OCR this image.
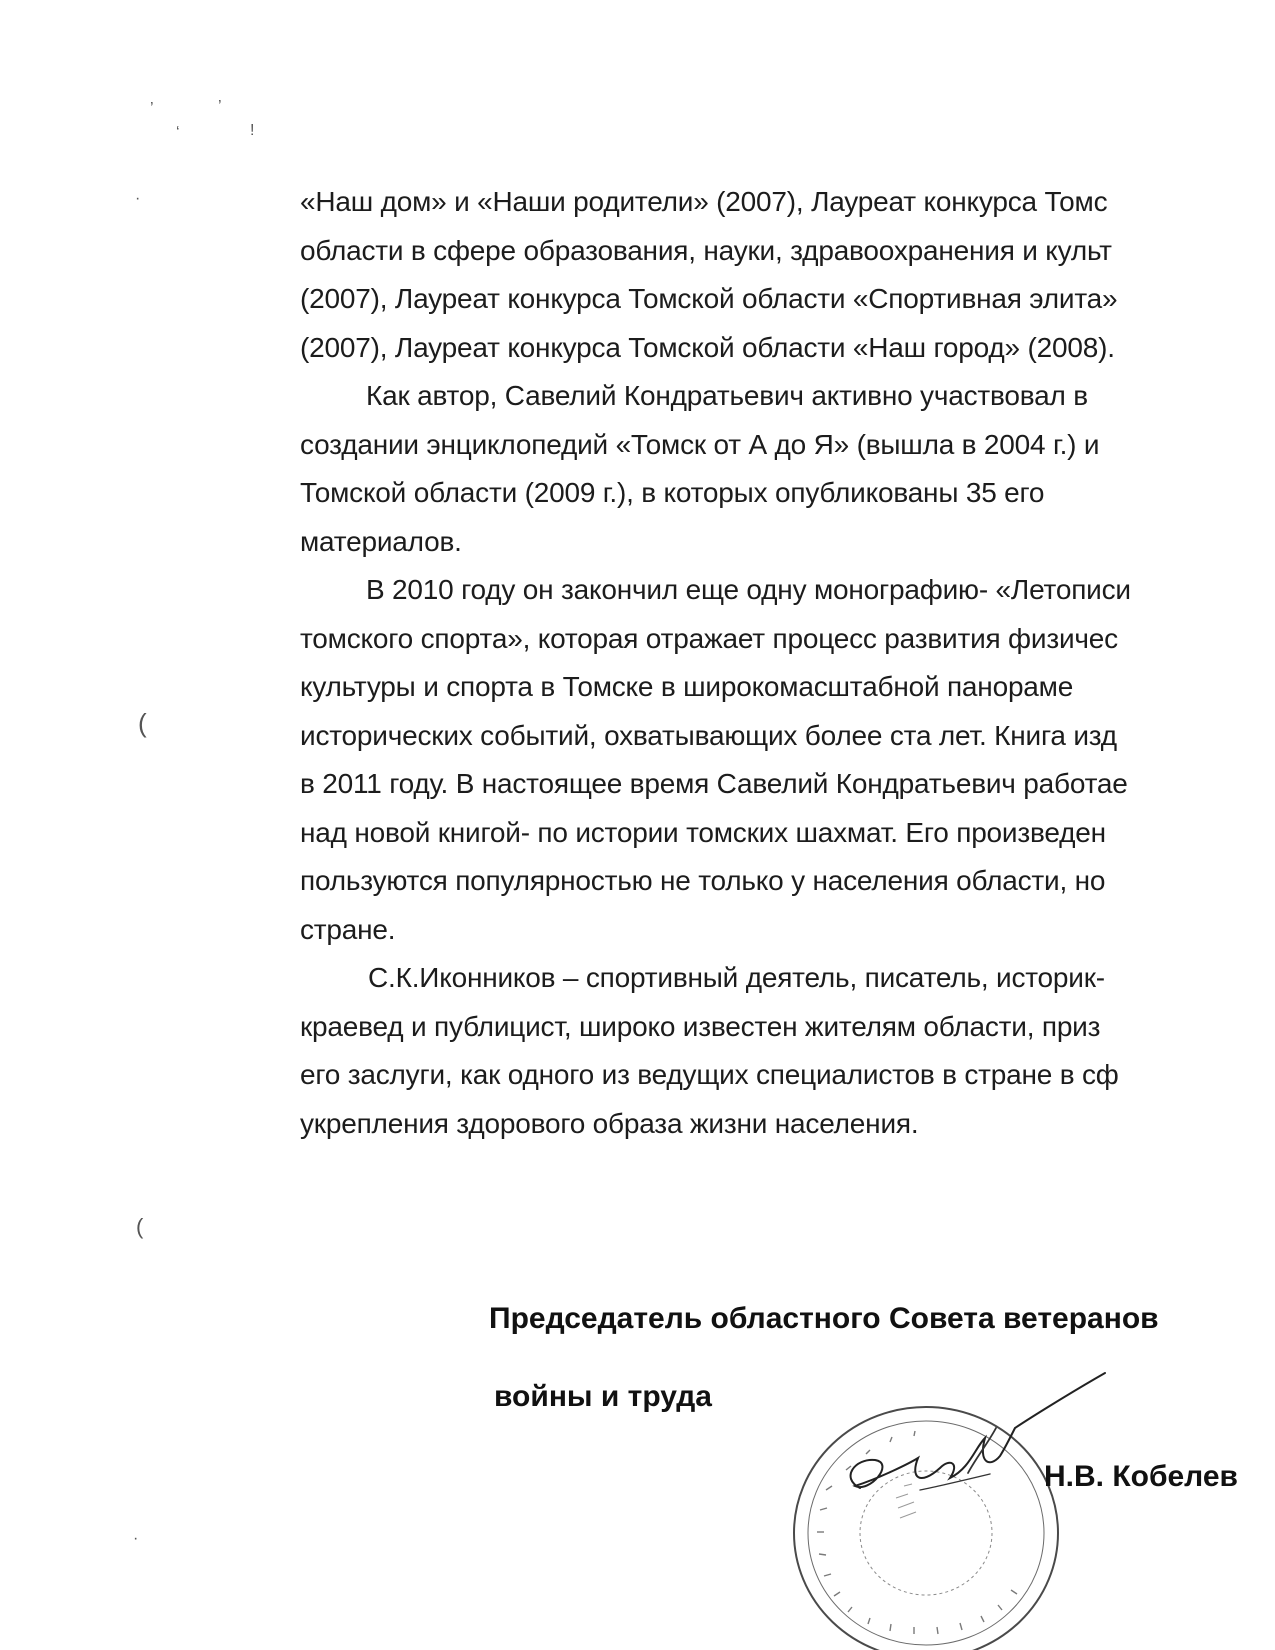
’	’
‘	!
·
(
(
·
«Наш дом» и «Наши родители» (2007), Лауреат конкурса Томс
области в сфере образования, науки, здравоохранения и культ
(2007), Лауреат конкурса Томской области «Спортивная элита»
(2007), Лауреат конкурса Томской области «Наш город» (2008).
Как автор, Савелий Кондратьевич активно участвовал в
создании энциклопедий «Томск от А до Я» (вышла в 2004 г.) и
Томской области (2009 г.), в которых опубликованы 35 его
материалов.
В 2010 году он закончил еще одну монографию- «Летописи
томского спорта», которая отражает процесс развития физичес
культуры и спорта в Томске в широкомасштабной панораме
исторических событий, охватывающих более ста лет. Книга изд
в 2011 году. В настоящее время Савелий Кондратьевич работае
над новой книгой- по истории томских шахмат. Его произведен
пользуются популярностью не только у населения области, но
стране.
С.К.Иконников – спортивный деятель, писатель, историк-
краевед и публицист, широко известен жителям области, приз
его заслуги, как одного из ведущих специалистов в стране в сф
укрепления здорового образа жизни населения.
Председатель областного Совета ветеранов
войны и труда
Н.В. Кобелев
